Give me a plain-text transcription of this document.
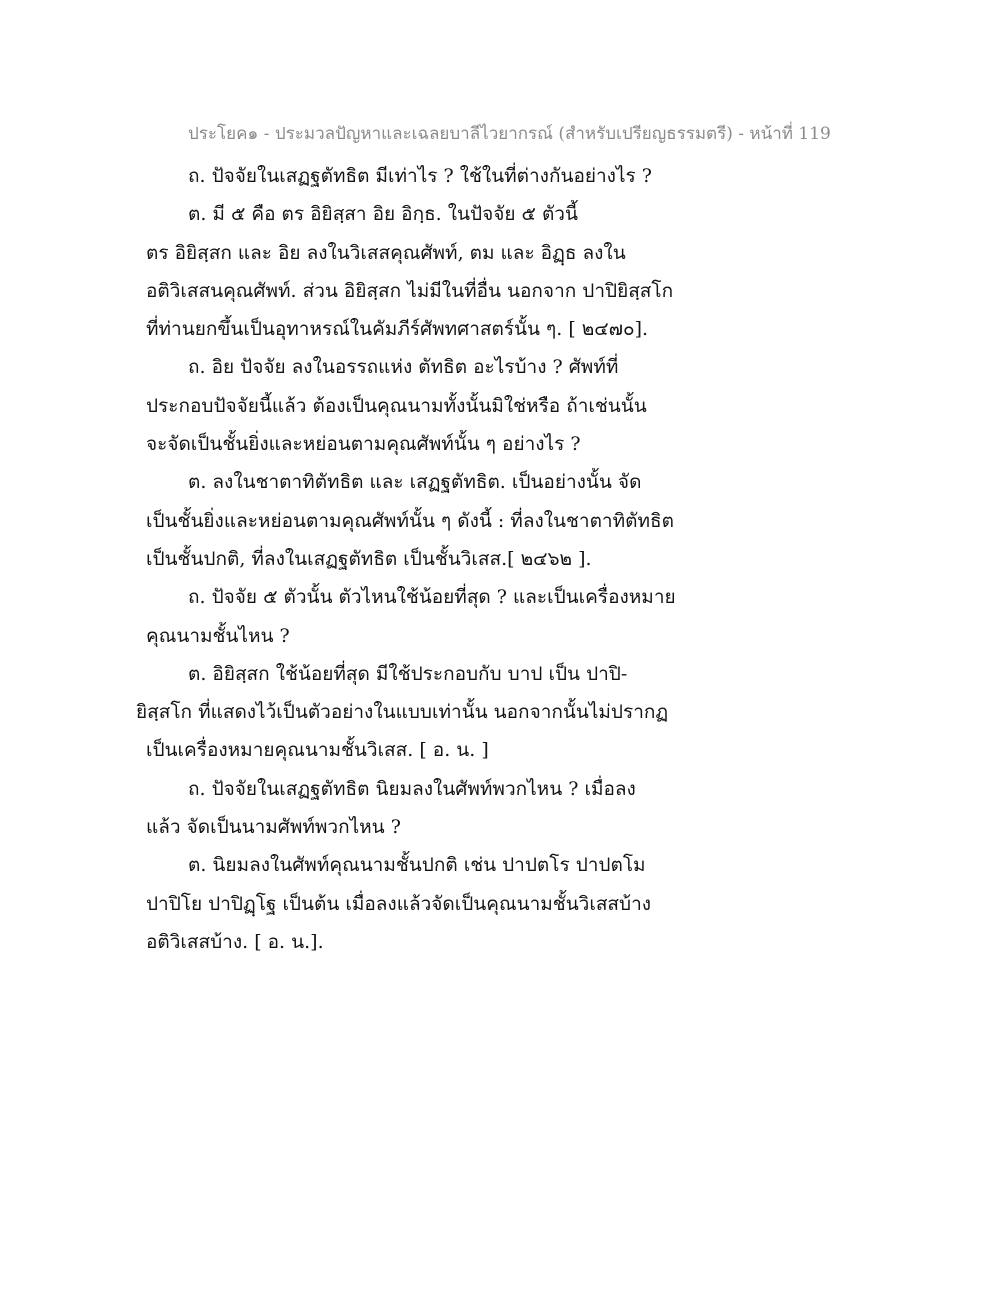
ประโยค๑ - ประมวลปัญหาและเฉลยบาลีไวยากรณ์ (สำหรับเปรียญธรรมตรี) - หน้าที่ 119
ถ. ปัจจัยในเสฏฐตัทธิต มีเท่าไร ? ใช้ในที่ต่างกันอย่างไร ?
ต. มี ๕ คือ ตร อิยิสฺสา อิย อิกฺธ. ในปัจจัย ๕ ตัวนี้
ตร อิยิสฺสก และ อิย ลงในวิเสสคุณศัพท์, ตม และ อิฏฺธ ลงใน
อติวิเสสนคุณศัพท์. ส่วน อิยิสฺสก ไม่มีในที่อื่น นอกจาก ปาปิยิสฺสโก
ที่ท่านยกขึ้นเป็นอุทาหรณ์ในคัมภีร์ศัพทศาสตร์นั้น ๆ. [ ๒๔๗๐].
ถ. อิย ปัจจัย ลงในอรรถแห่ง ตัทธิต อะไรบ้าง ? ศัพท์ที่
ประกอบปัจจัยนี้แล้ว ต้องเป็นคุณนามทั้งนั้นมิใช่หรือ ถ้าเช่นนั้น
จะจัดเป็นชั้นยิ่งและหย่อนตามคุณศัพท์นั้น ๆ อย่างไร ?
ต. ลงในชาตาทิตัทธิต และ เสฏฐตัทธิต. เป็นอย่างนั้น จัด
เป็นชั้นยิ่งและหย่อนตามคุณศัพท์นั้น ๆ ดังนี้ : ที่ลงในชาตาทิตัทธิต
เป็นชั้นปกติ, ที่ลงในเสฏฐตัทธิต เป็นชั้นวิเสส.[ ๒๔๖๒ ].
ถ. ปัจจัย ๕ ตัวนั้น ตัวไหนใช้น้อยที่สุด ? และเป็นเครื่องหมาย
คุณนามชั้นไหน ?
ต. อิยิสฺสก ใช้น้อยที่สุด มีใช้ประกอบกับ บาป เป็น ปาปิ-
ยิสฺสโก ที่แสดงไว้เป็นตัวอย่างในแบบเท่านั้น นอกจากนั้นไม่ปรากฏ
เป็นเครื่องหมายคุณนามชั้นวิเสส. [ อ. น. ]
ถ. ปัจจัยในเสฏฐตัทธิต นิยมลงในศัพท์พวกไหน ? เมื่อลง
แล้ว จัดเป็นนามศัพท์พวกไหน ?
ต. นิยมลงในศัพท์คุณนามชั้นปกติ เช่น ปาปตโร ปาปตโม
ปาปิโย ปาปิฏฺโฐ เป็นต้น เมื่อลงแล้วจัดเป็นคุณนามชั้นวิเสสบ้าง
อติวิเสสบ้าง. [ อ. น.].
